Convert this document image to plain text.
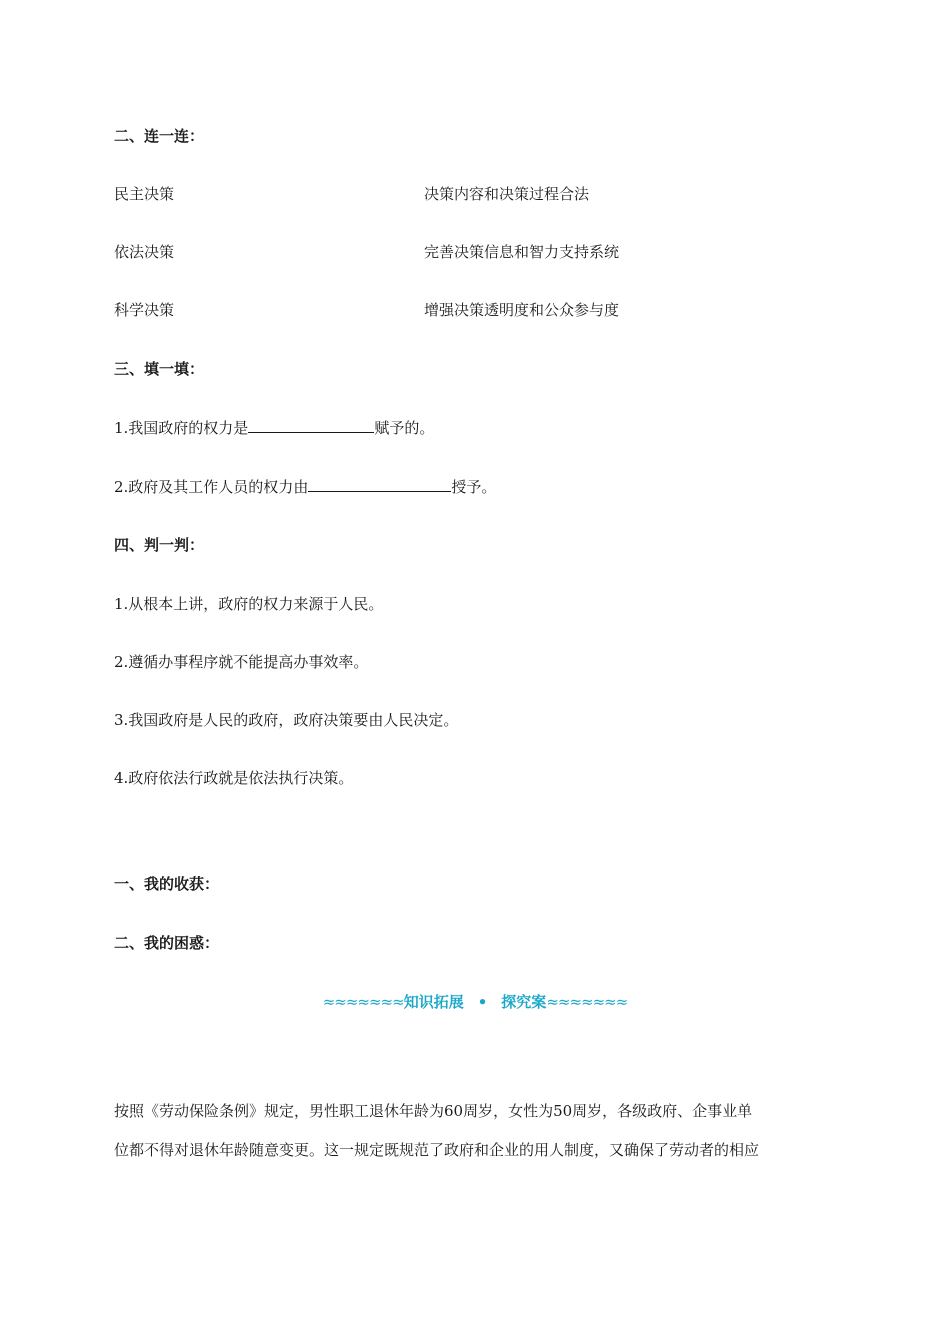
二、连一连：
民主决策	决策内容和决策过程合法
依法决策	完善决策信息和智力支持系统
科学决策	增强决策透明度和公众参与度
三、填一填：
1.我国政府的权力是	赋予的。
2.政府及其工作人员的权力由	授予。
四、判一判：
1.从根本上讲，政府的权力来源于人民。
2.遵循办事程序就不能提高办事效率。
3.我国政府是人民的政府，政府决策要由人民决定。
4.政府依法行政就是依法执行决策。
一、我的收获：
二、我的困惑：
≈≈≈≈≈≈≈知识拓展 • 探究案≈≈≈≈≈≈≈
按照《劳动保险条例》规定，男性职工退休年龄为60周岁，女性为50周岁，各级政府、企事业单
位都不得对退休年龄随意变更。这一规定既规范了政府和企业的用人制度，又确保了劳动者的相应
